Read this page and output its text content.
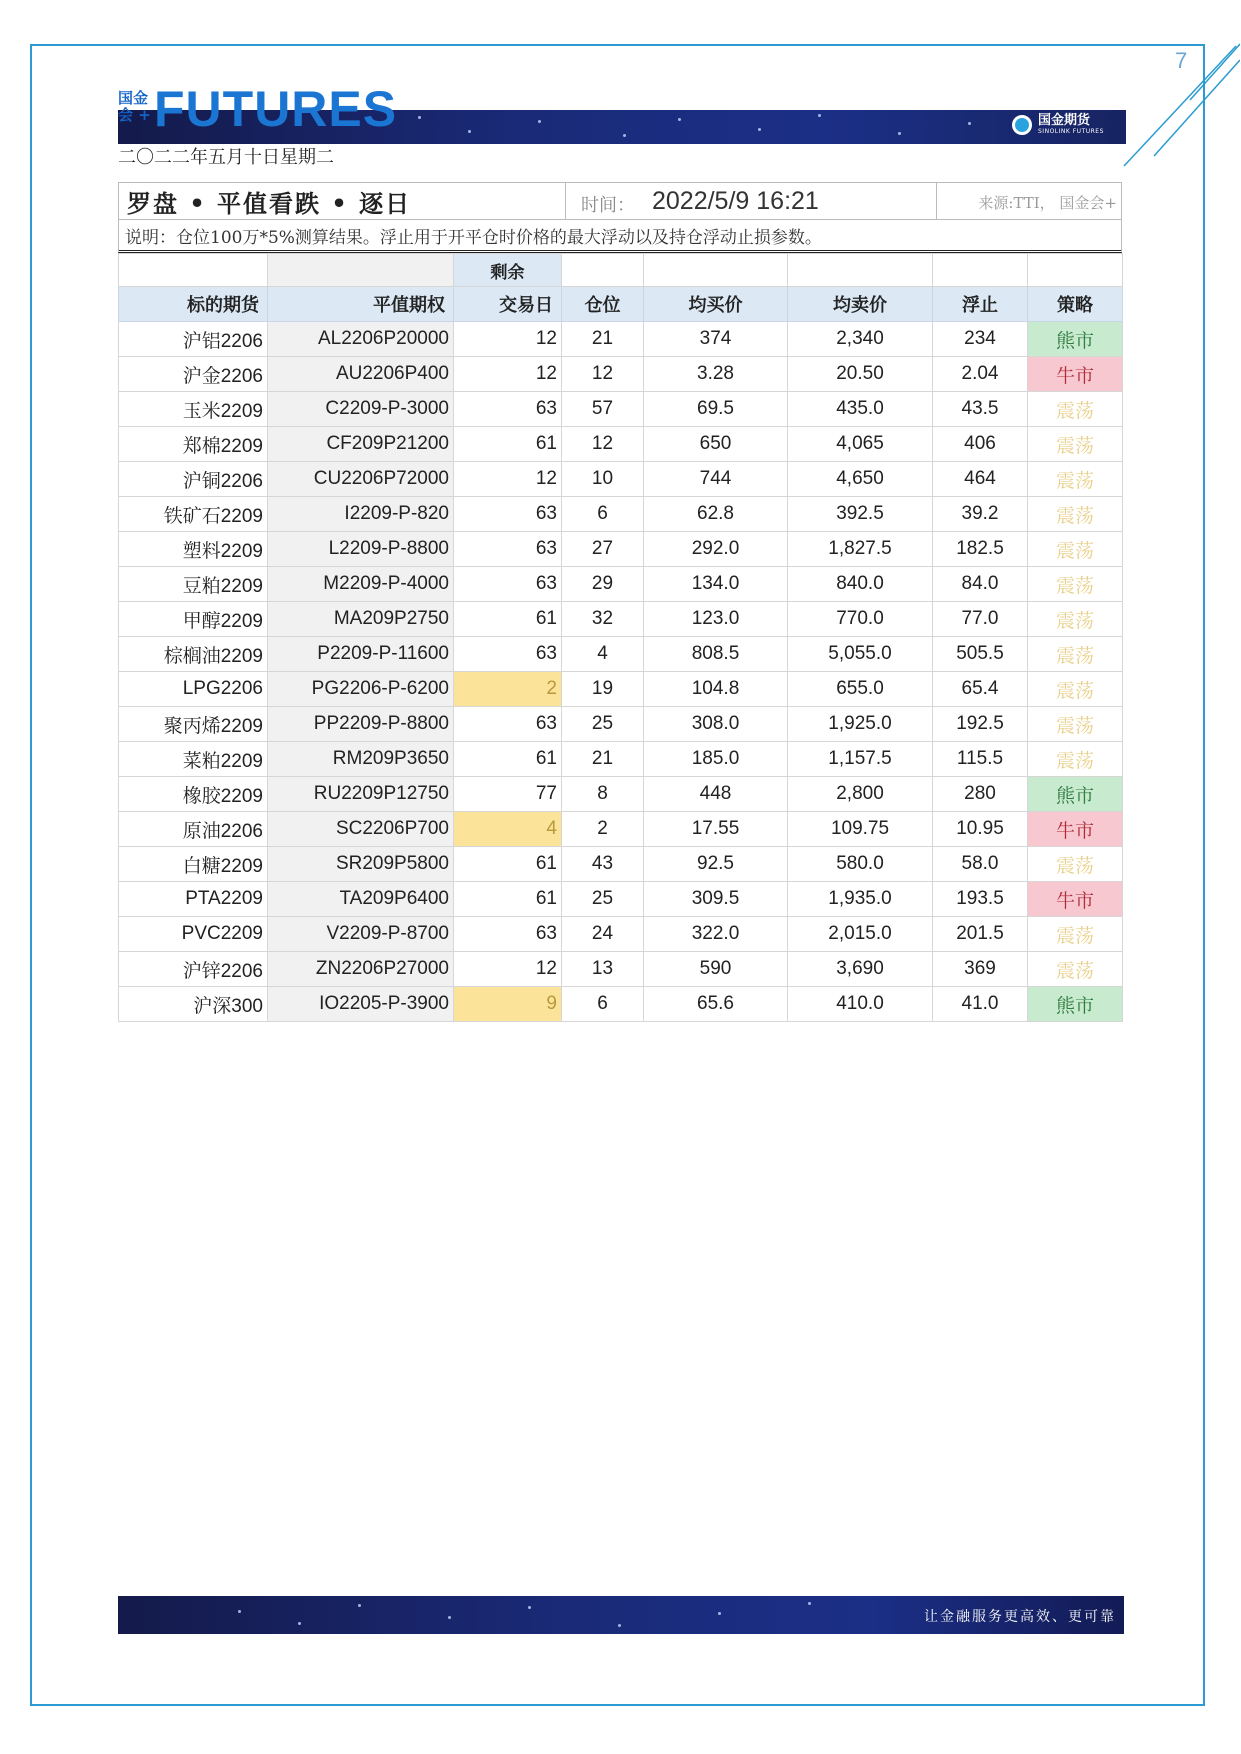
7
国金
会 + FUTURES	国金期货
SINOLINK FUTURES
二〇二二年五月十日星期二
罗盘 • 平值看跌 • 逐日	时间： 2022/5/9 16:21	来源:TTI， 国金会+
说明：仓位100万*5%测算结果。浮止用于开平仓时价格的最大浮动以及持仓浮动止损参数。
		剩余					
标的期货	平值期权	交易日	仓位	均买价	均卖价	浮止	策略
沪铝2206	AL2206P20000	12	21	374	2,340	234	熊市
沪金2206	AU2206P400	12	12	3.28	20.50	2.04	牛市
玉米2209	C2209-P-3000	63	57	69.5	435.0	43.5	震荡
郑棉2209	CF209P21200	61	12	650	4,065	406	震荡
沪铜2206	CU2206P72000	12	10	744	4,650	464	震荡
铁矿石2209	I2209-P-820	63	6	62.8	392.5	39.2	震荡
塑料2209	L2209-P-8800	63	27	292.0	1,827.5	182.5	震荡
豆粕2209	M2209-P-4000	63	29	134.0	840.0	84.0	震荡
甲醇2209	MA209P2750	61	32	123.0	770.0	77.0	震荡
棕榈油2209	P2209-P-11600	63	4	808.5	5,055.0	505.5	震荡
LPG2206	PG2206-P-6200	2	19	104.8	655.0	65.4	震荡
聚丙烯2209	PP2209-P-8800	63	25	308.0	1,925.0	192.5	震荡
菜粕2209	RM209P3650	61	21	185.0	1,157.5	115.5	震荡
橡胶2209	RU2209P12750	77	8	448	2,800	280	熊市
原油2206	SC2206P700	4	2	17.55	109.75	10.95	牛市
白糖2209	SR209P5800	61	43	92.5	580.0	58.0	震荡
PTA2209	TA209P6400	61	25	309.5	1,935.0	193.5	牛市
PVC2209	V2209-P-8700	63	24	322.0	2,015.0	201.5	震荡
沪锌2206	ZN2206P27000	12	13	590	3,690	369	震荡
沪深300	IO2205-P-3900	9	6	65.6	410.0	41.0	熊市
让金融服务更高效、更可靠
